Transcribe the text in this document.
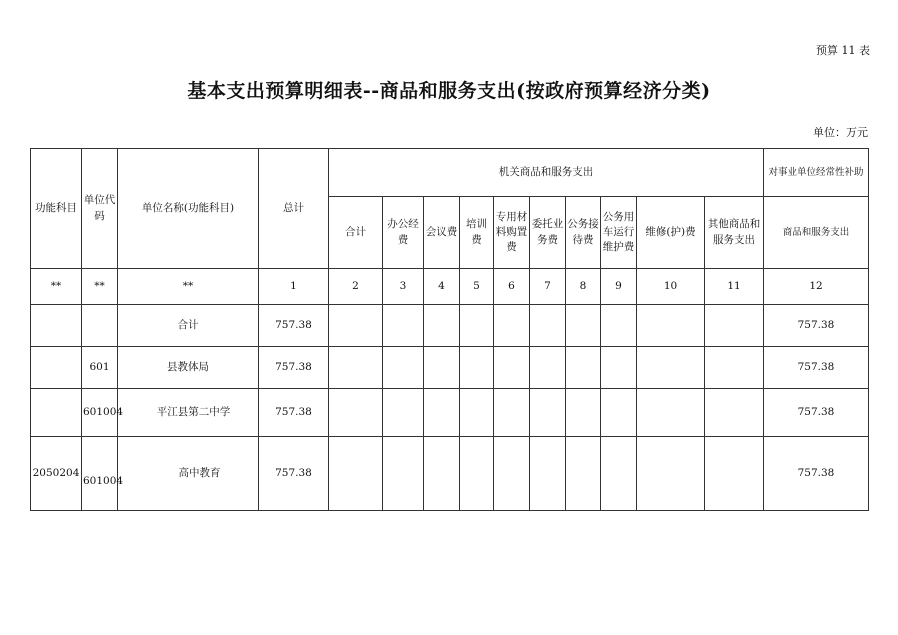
预算 11 表
基本支出预算明细表--商品和服务支出(按政府预算经济分类)
单位：万元
功能科目	单位代码	单位名称(功能科目)	总计	机关商品和服务支出										对事业单位经常性补助
				合计	办公经费	会议费	培训费	专用材料购置费	委托业务费	公务接待费	公务用车运行维护费	维修(护)费	其他商品和服务支出	商品和服务支出
**	**	**	1	2	3	4	5	6	7	8	9	10	11	12
		合计	757.38											757.38
	601	县教体局	757.38											757.38
	601004	平江县第二中学	757.38											757.38
2050204	601004	高中教育	757.38											757.38
